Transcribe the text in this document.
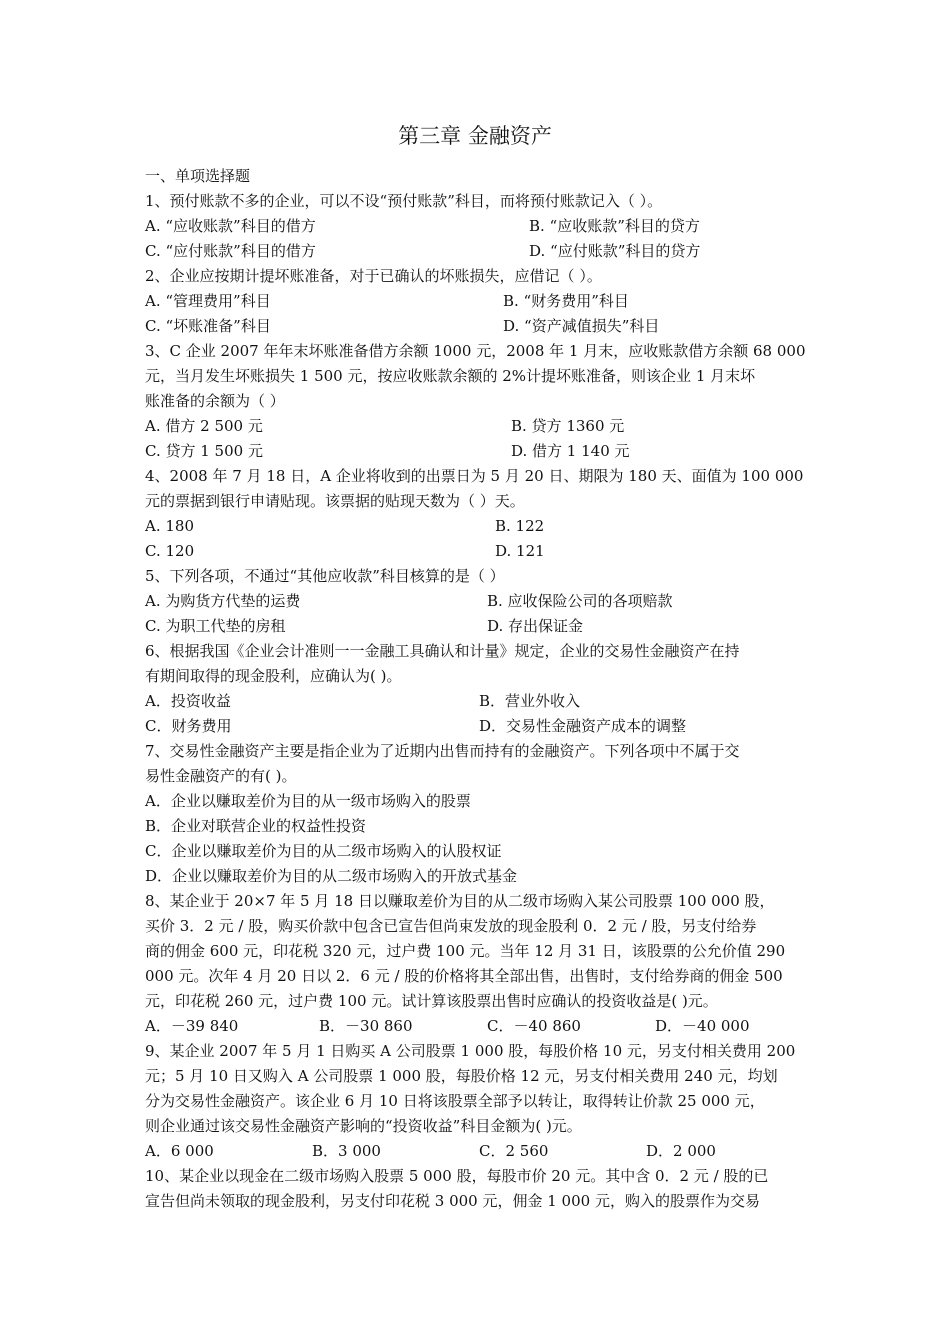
第三章 金融资产
一、单项选择题
1、预付账款不多的企业，可以不设“预付账款”科目，而将预付账款记入（ ）。
A. “应收账款”科目的借方	B. “应收账款”科目的贷方
C. “应付账款”科目的借方	D. “应付账款”科目的贷方
2、企业应按期计提坏账准备，对于已确认的坏账损失，应借记（ ）。
A. “管理费用”科目	B. “财务费用”科目
C. “坏账准备”科目	D. “资产减值损失”科目
3、C 企业 2007 年年末坏账准备借方余额 1000 元，2008 年 1 月末，应收账款借方余额 68 000
元，当月发生坏账损失 1 500 元，按应收账款余额的 2%计提坏账准备，则该企业 1 月末坏
账准备的余额为（ ）
A. 借方 2 500 元	B. 贷方 1360 元
C. 贷方 1 500 元	D. 借方 1 140 元
4、2008 年 7 月 18 日，A 企业将收到的出票日为 5 月 20 日、期限为 180 天、面值为 100 000
元的票据到银行申请贴现。该票据的贴现天数为（ ）天。
A. 180	B. 122
C. 120	D. 121
5、下列各项，不通过“其他应收款”科目核算的是（ ）
A. 为购货方代垫的运费	B. 应收保险公司的各项赔款
C. 为职工代垫的房租	D. 存出保证金
6、根据我国《企业会计准则一一金融工具确认和计量》规定，企业的交易性金融资产在持
有期间取得的现金股利，应确认为( )。
A．投资收益	B．营业外收入
C．财务费用	D．交易性金融资产成本的调整
7、交易性金融资产主要是指企业为了近期内出售而持有的金融资产。下列各项中不属于交
易性金融资产的有( )。
A．企业以赚取差价为目的从一级市场购入的股票
B．企业对联营企业的权益性投资
C．企业以赚取差价为目的从二级市场购入的认股权证
D．企业以赚取差价为目的从二级市场购入的开放式基金
8、某企业于 20×7 年 5 月 18 日以赚取差价为目的从二级市场购入某公司股票 100 000 股，
买价 3．2 元 / 股，购买价款中包含已宣告但尚束发放的现金股利 0．2 元 / 股，另支付给券
商的佣金 600 元，印花税 320 元，过户费 100 元。当年 12 月 31 日，该股票的公允价值 290
000 元。次年 4 月 20 日以 2．6 元 / 股的价格将其全部出售，出售时，支付给券商的佣金 500
元，印花税 260 元，过户费 100 元。试计算该股票出售时应确认的投资收益是( )元。
A．－39 840	B．－30 860	C．－40 860	D．－40 000
9、某企业 2007 年 5 月 1 日购买 A 公司股票 1 000 股，每股价格 10 元，另支付相关费用 200
元；5 月 10 日又购入 A 公司股票 1 000 股，每股价格 12 元，另支付相关费用 240 元，均划
分为交易性金融资产。该企业 6 月 10 日将该股票全部予以转让，取得转让价款 25 000 元，
则企业通过该交易性金融资产影响的“投资收益”科目金额为( )元。
A．6 000	B．3 000	C．2 560	D．2 000
10、某企业以现金在二级市场购入股票 5 000 股，每股市价 20 元。其中含 0．2 元 / 股的已
宣告但尚未领取的现金股利，另支付印花税 3 000 元，佣金 1 000 元，购入的股票作为交易
